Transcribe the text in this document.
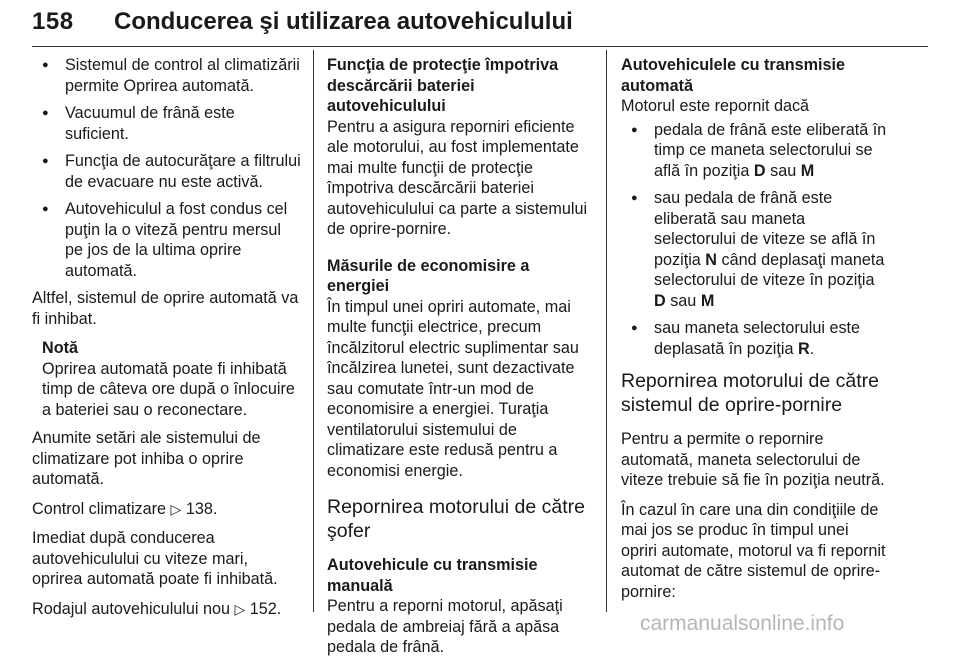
158 Conducerea şi utilizarea autovehiculului
● Sistemul de control al climatizării permite Oprirea automată.
● Vacuumul de frână este suficient.
● Funcţia de autocurăţare a filtrului de evacuare nu este activă.
● Autovehiculul a fost condus cel puţin la o viteză pentru mersul pe jos de la ultima oprire automată.

Altfel, sistemul de oprire automată va fi inhibat.

Notă
Oprirea automată poate fi inhibată timp de câteva ore după o înlocuire a bateriei sau o reconectare.

Anumite setări ale sistemului de climatizare pot inhiba o oprire automată.

Control climatizare ▷ 138.

Imediat după conducerea autovehiculului cu viteze mari, oprirea automată poate fi inhibată.

Rodajul autovehiculului nou ▷ 152.

Funcţia de protecţie împotriva descărcării bateriei autovehiculului

Pentru a asigura reporniri eficiente ale motorului, au fost implementate mai multe funcţii de protecţie împotriva descărcării bateriei autovehiculului ca parte a sistemului de oprire-pornire.

Măsurile de economisire a energiei

În timpul unei opriri automate, mai multe funcţii electrice, precum încălzitorul electric suplimentar sau încălzirea lunetei, sunt dezactivate sau comutate într-un mod de economisire a energiei. Turaţia ventilatorului sistemului de climatizare este redusă pentru a economisi energie.

Repornirea motorului de către şofer
Autovehicule cu transmisie manuală

Pentru a reporni motorul, apăsaţi pedala de ambreiaj fără a apăsa pedala de frână.

Autovehiculele cu transmisie automată

Motorul este repornit dacă

● pedala de frână este eliberată în timp ce maneta selectorului se află în poziţia D sau M
● sau pedala de frână este eliberată sau maneta selectorului de viteze se află în poziţia N când deplasaţi maneta selectorului de viteze în poziţia D sau M
● sau maneta selectorului este deplasată în poziţia R.
Repornirea motorului de către sistemul de oprire-pornire

Pentru a permite o repornire automată, maneta selectorului de viteze trebuie să fie în poziţia neutră.

În cazul în care una din condiţiile de mai jos se produc în timpul unei opriri automate, motorul va fi repornit automat de către sistemul de oprire-pornire:

carmanualsonline.info
